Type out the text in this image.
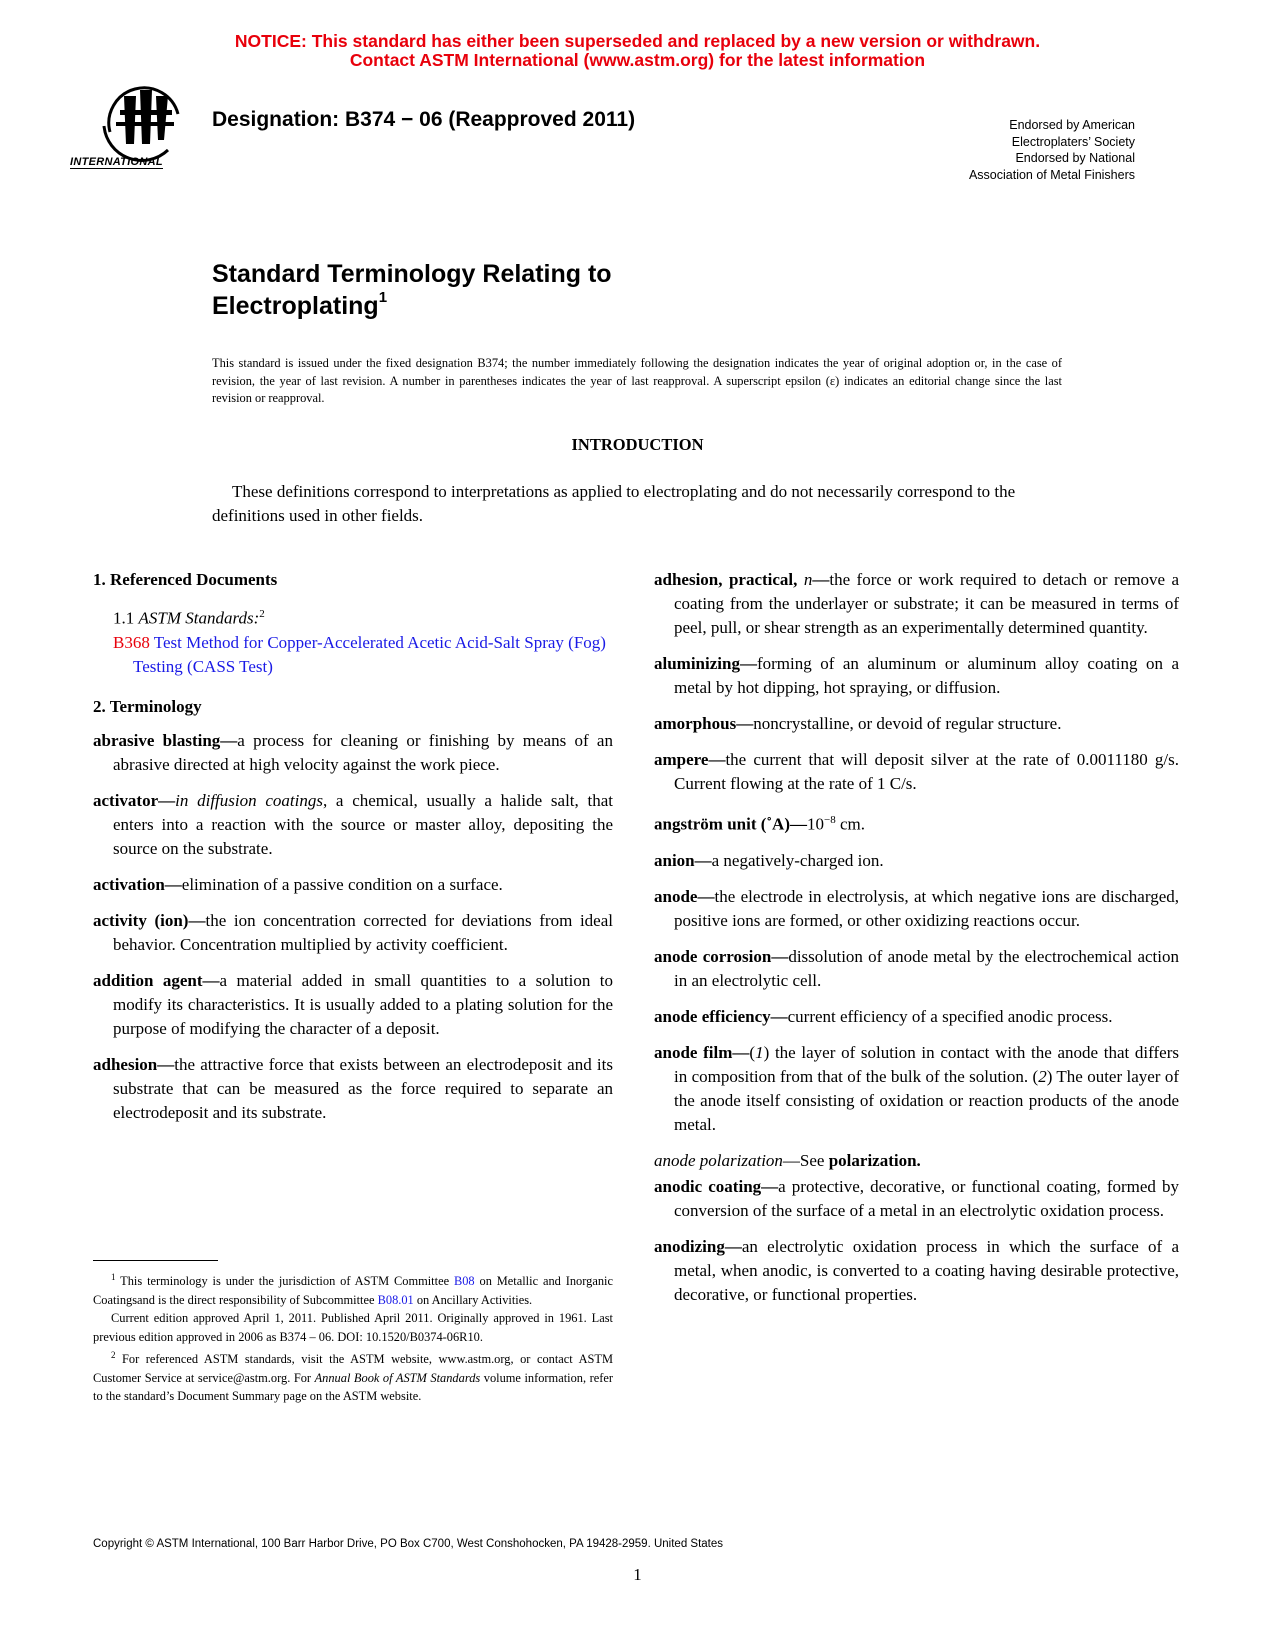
NOTICE: This standard has either been superseded and replaced by a new version or withdrawn.
Contact ASTM International (www.astm.org) for the latest information
INTERNATIONAL
Designation: B374 − 06 (Reapproved 2011)	Endorsed by American
Electroplaters’ Society
Endorsed by National
Association of Metal Finishers
Standard Terminology Relating to
Electroplating$^1$
This standard is issued under the fixed designation B374; the number immediately following the designation indicates the year of original adoption or, in the case of revision, the year of last revision. A number in parentheses indicates the year of last reapproval. A superscript epsilon (ε) indicates an editorial change since the last revision or reapproval.
INTRODUCTION

These definitions correspond to interpretations as applied to electroplating and do not necessarily correspond to the definitions used in other fields.

1. Referenced Documents
1.1 ASTM Standards:$^2$
B368 Test Method for Copper-Accelerated Acetic Acid-Salt Spray (Fog) Testing (CASS Test)
2. Terminology

abrasive blasting—a process for cleaning or finishing by means of an abrasive directed at high velocity against the work piece.

activator—in diffusion coatings, a chemical, usually a halide salt, that enters into a reaction with the source or master alloy, depositing the source on the substrate.

activation—elimination of a passive condition on a surface.

activity (ion)—the ion concentration corrected for deviations from ideal behavior. Concentration multiplied by activity coefficient.

addition agent—a material added in small quantities to a solution to modify its characteristics. It is usually added to a plating solution for the purpose of modifying the character of a deposit.

adhesion—the attractive force that exists between an electrodeposit and its substrate that can be measured as the force required to separate an electrodeposit and its substrate.

$^1$ This terminology is under the jurisdiction of ASTM Committee B08 on Metallic and Inorganic Coatingsand is the direct responsibility of Subcommittee B08.01 on Ancillary Activities.

Current edition approved April 1, 2011. Published April 2011. Originally approved in 1961. Last previous edition approved in 2006 as B374 – 06. DOI: 10.1520/B0374-06R10.

$^2$ For referenced ASTM standards, visit the ASTM website, www.astm.org, or contact ASTM Customer Service at service@astm.org. For Annual Book of ASTM Standards volume information, refer to the standard’s Document Summary page on the ASTM website.

adhesion, practical, n—the force or work required to detach or remove a coating from the underlayer or substrate; it can be measured in terms of peel, pull, or shear strength as an experimentally determined quantity.

aluminizing—forming of an aluminum or aluminum alloy coating on a metal by hot dipping, hot spraying, or diffusion.

amorphous—noncrystalline, or devoid of regular structure.

ampere—the current that will deposit silver at the rate of 0.0011180 g/s. Current flowing at the rate of 1 C/s.

angström unit $(˚A)—10^{-8}$ cm.

anion—a negatively-charged ion.

anode—the electrode in electrolysis, at which negative ions are discharged, positive ions are formed, or other oxidizing reactions occur.

anode corrosion—dissolution of anode metal by the electrochemical action in an electrolytic cell.

anode efficiency—current efficiency of a specified anodic process.

anode film—(1) the layer of solution in contact with the anode that differs in composition from that of the bulk of the solution. (2) The outer layer of the anode itself consisting of oxidation or reaction products of the anode metal.

anode polarization—See polarization.

anodic coating—a protective, decorative, or functional coating, formed by conversion of the surface of a metal in an electrolytic oxidation process.

anodizing—an electrolytic oxidation process in which the surface of a metal, when anodic, is converted to a coating having desirable protective, decorative, or functional properties.

Copyright © ASTM International, 100 Barr Harbor Drive, PO Box C700, West Conshohocken, PA 19428-2959. United States
1
